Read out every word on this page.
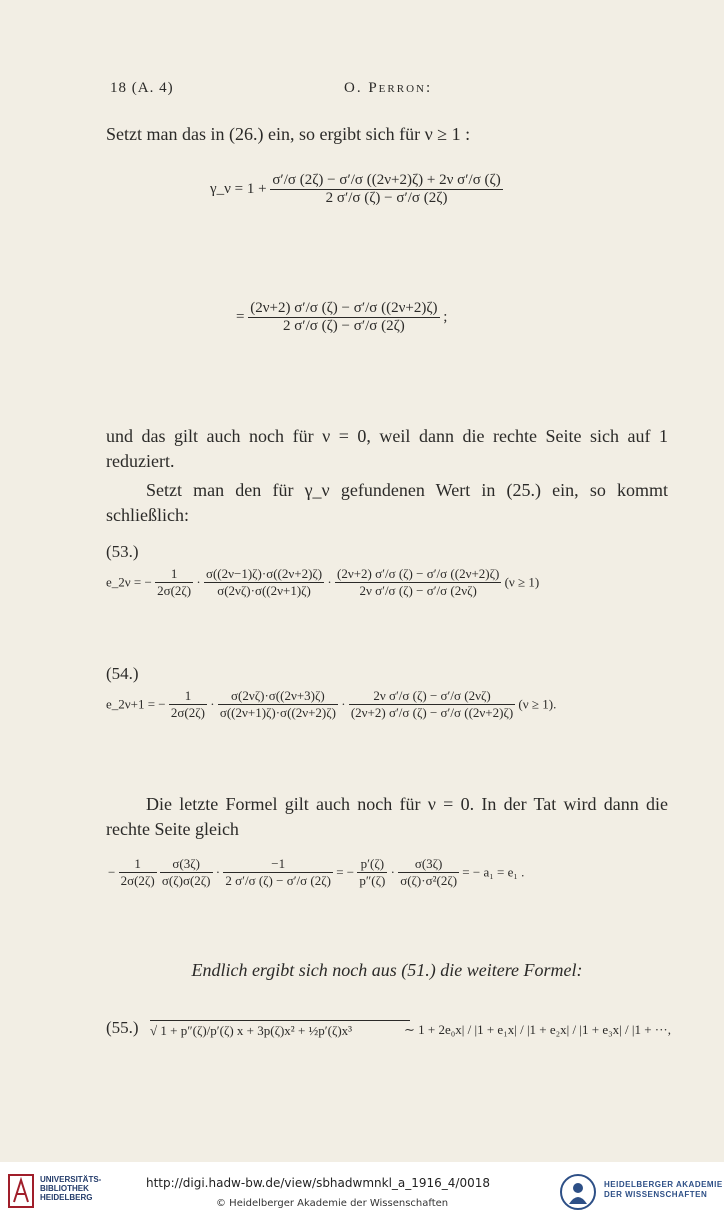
18 (A. 4)	O. Perron:
Setzt man das in (26.) ein, so ergibt sich für ν ≥ 1 :
γ_ν = $1 + \frac{\text{σ′/σ (2ζ) − σ′/σ ((2ν+2)ζ) + 2ν σ′/σ (ζ)}}{2 \sigma'/\sigma (\zeta) - \sigma'/\sigma (2\zeta)}$
= $\frac{(2\nu+2) \sigma'/\sigma (\zeta) - \sigma'/\sigma ((2\nu+2)\zeta)}{2 \sigma'/\sigma (\zeta) - \sigma'/\sigma (2\zeta)}$ ;
und das gilt auch noch für ν = 0, weil dann die rechte Seite sich auf 1 reduziert.
Setzt man den für γ_ν gefundenen Wert in (25.) ein, so kommt schließlich:
(53.)
e_2ν = − $\frac{1}{2\sigma(2\zeta)} \cdot \frac{\sigma((2\nu-1)\zeta)\cdot\sigma((2\nu+2)\zeta)}{\sigma(2\nu\zeta)\cdot\sigma((2\nu+1)\zeta)} \cdot \frac{(2\nu+2) \sigma'/\sigma (\zeta) - \sigma'/\sigma ((2\nu+2)\zeta)}{\text{2ν σ′/σ (ζ) − σ′/σ (2νζ)}} (\nu \ge 1)$
(54.)
e_2ν+1 = − $\frac{1}{2\sigma(2\zeta)} \cdot \frac{\sigma(2\nu\zeta)\cdot\sigma((2\nu+3)\zeta)}{\sigma((2\nu+1)\zeta)\cdot\sigma((2\nu+2)\zeta)} \cdot \frac{\text{2ν σ′/σ (ζ) − σ′/σ (2νζ)}}{(2\nu+2) \sigma'/\sigma (\zeta) - \sigma'/\sigma ((2\nu+2)\zeta)} (\nu \ge 1)$.
Die letzte Formel gilt auch noch für ν = 0. In der Tat wird dann die rechte Seite gleich
− $\frac{1}{2\sigma(2\zeta)}$
$\frac{\sigma(3\zeta)}{\sigma(\zeta)\sigma(2\zeta)} \cdot \frac{-1}{2 \sigma'/\sigma (\zeta) - \sigma'/\sigma (2\zeta)}$ = − $\frac{p'(\zeta)}{p''(\zeta)} \cdot \frac{\sigma(3\zeta)}{\text{σ(ζ)·σ²(2ζ)}}$ = − a₁ = e₁ .
Endlich ergibt sich noch aus (51.) die weitere Formel:
(55.) √ 1 + p″(ζ)/p′(ζ) x + 3p(ζ)x² + ½p′(ζ)x³	∼ 1 + 2e₀x| / |1 + e₁x| / |1 + e₂x| / |1 + e₃x| / |1 + ···,
UNIVERSITÄTS-
BIBLIOTHEK
HEIDELBERG
http://digi.hadw-bw.de/view/sbhadwmnkl_a_1916_4/0018
© Heidelberger Akademie der Wissenschaften
HEIDELBERGER AKADEMIE
DER WISSENSCHAFTEN
